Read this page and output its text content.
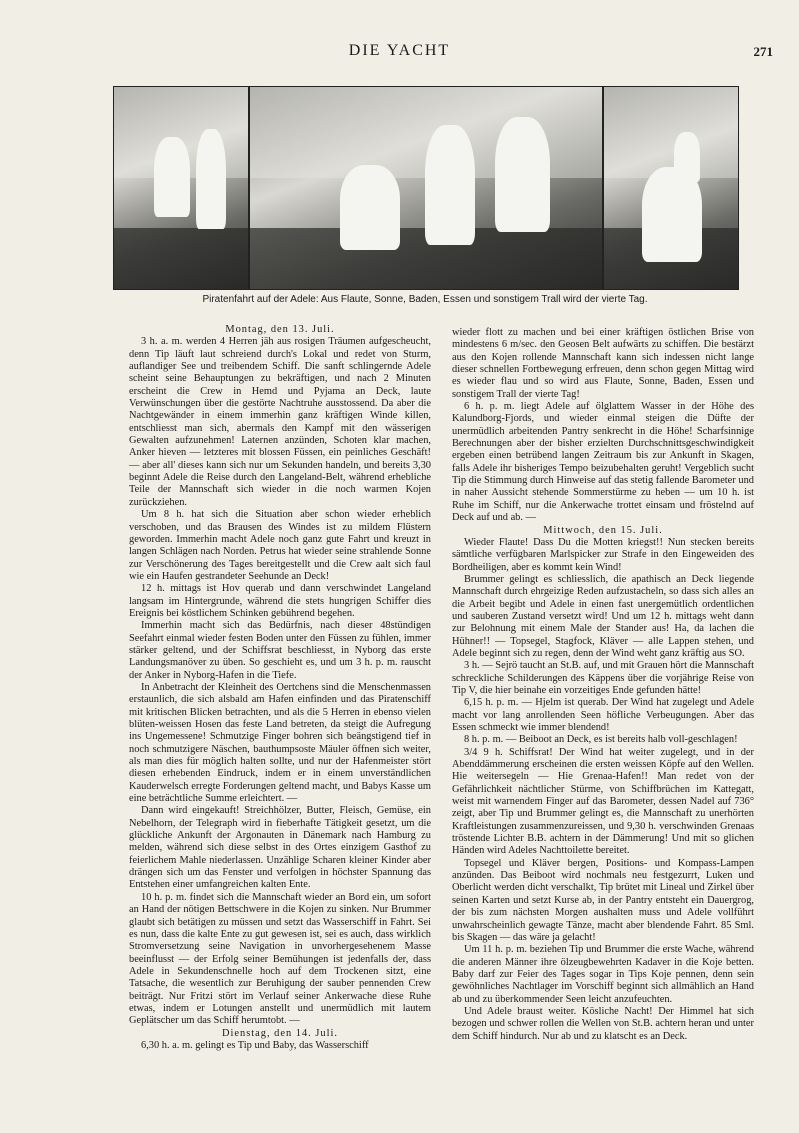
DIE YACHT	271
Piratenfahrt auf der Adele: Aus Flaute, Sonne, Baden, Essen und sonstigem Trall wird der vierte Tag.

Montag, den 13. Juli.

3 h. a. m. werden 4 Herren jäh aus rosigen Träumen aufgescheucht, denn Tip läuft laut schreiend durch's Lokal und redet von Sturm, auflandiger See und treibendem Schiff. Die sanft schlingernde Adele scheint seine Behauptungen zu bekräftigen, und nach 2 Minuten erscheint die Crew in Hemd und Pyjama an Deck, laute Verwünschungen über die gestörte Nachtruhe ausstossend. Da aber die Nachtgewänder in einem immerhin ganz kräftigen Winde killen, entschliesst man sich, abermals den Kampf mit den wässerigen Gewalten aufzunehmen! Laternen anzünden, Schoten klar machen, Anker hieven — letzteres mit blossen Füssen, ein peinliches Geschäft! — aber all' dieses kann sich nur um Sekunden handeln, und bereits 3,30 beginnt Adele die Reise durch den Langeland-Belt, während erhebliche Teile der Mannschaft sich wieder in die noch warmen Kojen zurückziehen.

Um 8 h. hat sich die Situation aber schon wieder erheblich verschoben, und das Brausen des Windes ist zu mildem Flüstern geworden. Immerhin macht Adele noch ganz gute Fahrt und kreuzt in langen Schlägen nach Norden. Petrus hat wieder seine strahlende Sonne zur Verschönerung des Tages bereitgestellt und die Crew aalt sich faul wie ein Haufen gestrandeter Seehunde an Deck!

12 h. mittags ist Hov querab und dann verschwindet Langeland langsam im Hintergrunde, während die stets hungrigen Schiffer dies Ereignis bei köstlichem Schinken gebührend begehen.

Immerhin macht sich das Bedürfnis, nach dieser 48stündigen Seefahrt einmal wieder festen Boden unter den Füssen zu fühlen, immer stärker geltend, und der Schiffsrat beschliesst, in Nyborg das erste Landungsmanöver zu üben. So geschieht es, und um 3 h. p. m. rauscht der Anker in Nyborg-Hafen in die Tiefe.

In Anbetracht der Kleinheit des Oertchens sind die Menschenmassen erstaunlich, die sich alsbald am Hafen einfinden und das Piratenschiff mit kritischen Blicken betrachten, und als die 5 Herren in ebenso vielen blüten-weissen Hosen das feste Land betreten, da steigt die Aufregung ins Ungemessene! Schmutzige Finger bohren sich beängstigend tief in noch schmutzigere Näschen, bauthumpsoste Mäuler öffnen sich weiter, als man dies für möglich halten sollte, und nur der Hafenmeister stört diesen erhebenden Eindruck, indem er in einem unverständlichen Kauderwelsch erregte Forderungen geltend macht, und Babys Kasse um eine beträchtliche Summe erleichtert. —

Dann wird eingekauft! Streichhölzer, Butter, Fleisch, Gemüse, ein Nebelhorn, der Telegraph wird in fieberhafte Tätigkeit gesetzt, um die glückliche Ankunft der Argonauten in Dänemark nach Hamburg zu melden, während sich diese selbst in des Ortes einzigem Gasthof zu feierlichem Mahle niederlassen. Unzählige Scharen kleiner Kinder aber drängen sich um das Fenster und verfolgen in höchster Spannung das Entstehen einer umfangreichen kalten Ente.

10 h. p. m. findet sich die Mannschaft wieder an Bord ein, um sofort an Hand der nötigen Bettschwere in die Kojen zu sinken. Nur Brummer glaubt sich betätigen zu müssen und setzt das Wasserschiff in Fahrt. Sei es nun, dass die kalte Ente zu gut gewesen ist, sei es auch, dass wirklich Stromversetzung seine Navigation in unvorhergesehenem Masse beeinflusst — der Erfolg seiner Bemühungen ist jedenfalls der, dass Adele in Sekundenschnelle hoch auf dem Trockenen sitzt, eine Tatsache, die wesentlich zur Beruhigung der sauber pennenden Crew beiträgt. Nur Fritzi stört im Verlauf seiner Ankerwache diese Ruhe etwas, indem er Lotungen anstellt und unermüdlich mit lautem Geplätscher um das Schiff herumtobt. —

Dienstag, den 14. Juli.

6,30 h. a. m. gelingt es Tip und Baby, das Wasserschiff

wieder flott zu machen und bei einer kräftigen östlichen Brise von mindestens 6 m/sec. den Geosen Belt aufwärts zu schiffen. Die bestärzt aus den Kojen rollende Mannschaft kann sich indessen nicht lange dieser schnellen Fortbewegung erfreuen, denn schon gegen Mittag wird es wieder flau und so wird aus Flaute, Sonne, Baden, Essen und sonstigem Trall der vierte Tag!

6 h. p. m. liegt Adele auf ölglattem Wasser in der Höhe des Kalundborg-Fjords, und wieder einmal steigen die Düfte der unermüdlich arbeitenden Pantry senkrecht in die Höhe! Scharfsinnige Berechnungen aber der bisher erzielten Durchschnittsgeschwindigkeit ergeben einen betrübend langen Zeitraum bis zur Ankunft in Skagen, falls Adele ihr bisheriges Tempo beizubehalten geruht! Vergeblich sucht Tip die Stimmung durch Hinweise auf das stetig fallende Barometer und in naher Aussicht stehende Sommerstürme zu heben — um 10 h. ist Ruhe im Schiff, nur die Ankerwache trottet einsam und fröstelnd auf Deck auf und ab. —

Mittwoch, den 15. Juli.

Wieder Flaute! Dass Du die Motten kriegst!! Nun stecken bereits sämtliche verfügbaren Marlspicker zur Strafe in den Eingeweiden des Bordheiligen, aber es kommt kein Wind!

Brummer gelingt es schliesslich, die apathisch an Deck liegende Mannschaft durch ehrgeizige Reden aufzustacheln, so dass sich alles an die Arbeit begibt und Adele in einen fast unergemütlich ordentlichen und sauberen Zustand versetzt wird! Und um 12 h. mittags weht dann zur Belohnung mit einem Male der Stander aus! Ha, da lachen die Hühner!! — Topsegel, Stagfock, Kläver — alle Lappen stehen, und Adele beginnt sich zu regen, denn der Wind weht ganz kräftig aus SO.

3 h. — Sejrö taucht an St.B. auf, und mit Grauen hört die Mannschaft schreckliche Schilderungen des Käppens über die vorjährige Reise von Tip V, die hier beinahe ein vorzeitiges Ende gefunden hätte!

6,15 h. p. m. — Hjelm ist querab. Der Wind hat zugelegt und Adele macht vor lang anrollenden Seen höfliche Verbeugungen. Aber das Essen schmeckt wie immer blendend!

8 h. p. m. — Beiboot an Deck, es ist bereits halb voll-geschlagen!

3/4 9 h. Schiffsrat! Der Wind hat weiter zugelegt, und in der Abenddämmerung erscheinen die ersten weissen Köpfe auf den Wellen. Hie weitersegeln — Hie Grenaa-Hafen!! Man redet von der Gefährlichkeit nächtlicher Stürme, von Schiffbrüchen im Kattegatt, weist mit warnendem Finger auf das Barometer, dessen Nadel auf 736° zeigt, aber Tip und Brummer gelingt es, die Mannschaft zu unerhörten Kraftleistungen zusammenzureissen, und 9,30 h. verschwinden Grenaas tröstende Lichter B.B. achtern in der Dämmerung! Und mit so glichen Händen wird Adeles Nachttoilette bereitet.

Topsegel und Kläver bergen, Positions- und Kompass-Lampen anzünden. Das Beiboot wird nochmals neu festgezurrt, Luken und Oberlicht werden dicht verschalkt, Tip brütet mit Lineal und Zirkel über seinen Karten und setzt Kurse ab, in der Pantry entsteht ein Dauergrog, der bis zum nächsten Morgen aushalten muss und Adele vollführt unwahrscheinlich gewagte Tänze, macht aber blendende Fahrt. 85 Sml. bis Skagen — das wäre ja gelacht!

Um 11 h. p. m. beziehen Tip und Brummer die erste Wache, während die anderen Männer ihre ölzeugbewehrten Kadaver in die Koje betten. Baby darf zur Feier des Tages sogar in Tips Koje pennen, denn sein gewöhnliches Nachtlager im Vorschiff beginnt sich allmählich an Hand ab und zu überkommender Seen leicht anzufeuchten.

Und Adele braust weiter. Kösliche Nacht! Der Himmel hat sich bezogen und schwer rollen die Wellen von St.B. achtern heran und unter dem Schiff hindurch. Nur ab und zu klatscht es an Deck.
